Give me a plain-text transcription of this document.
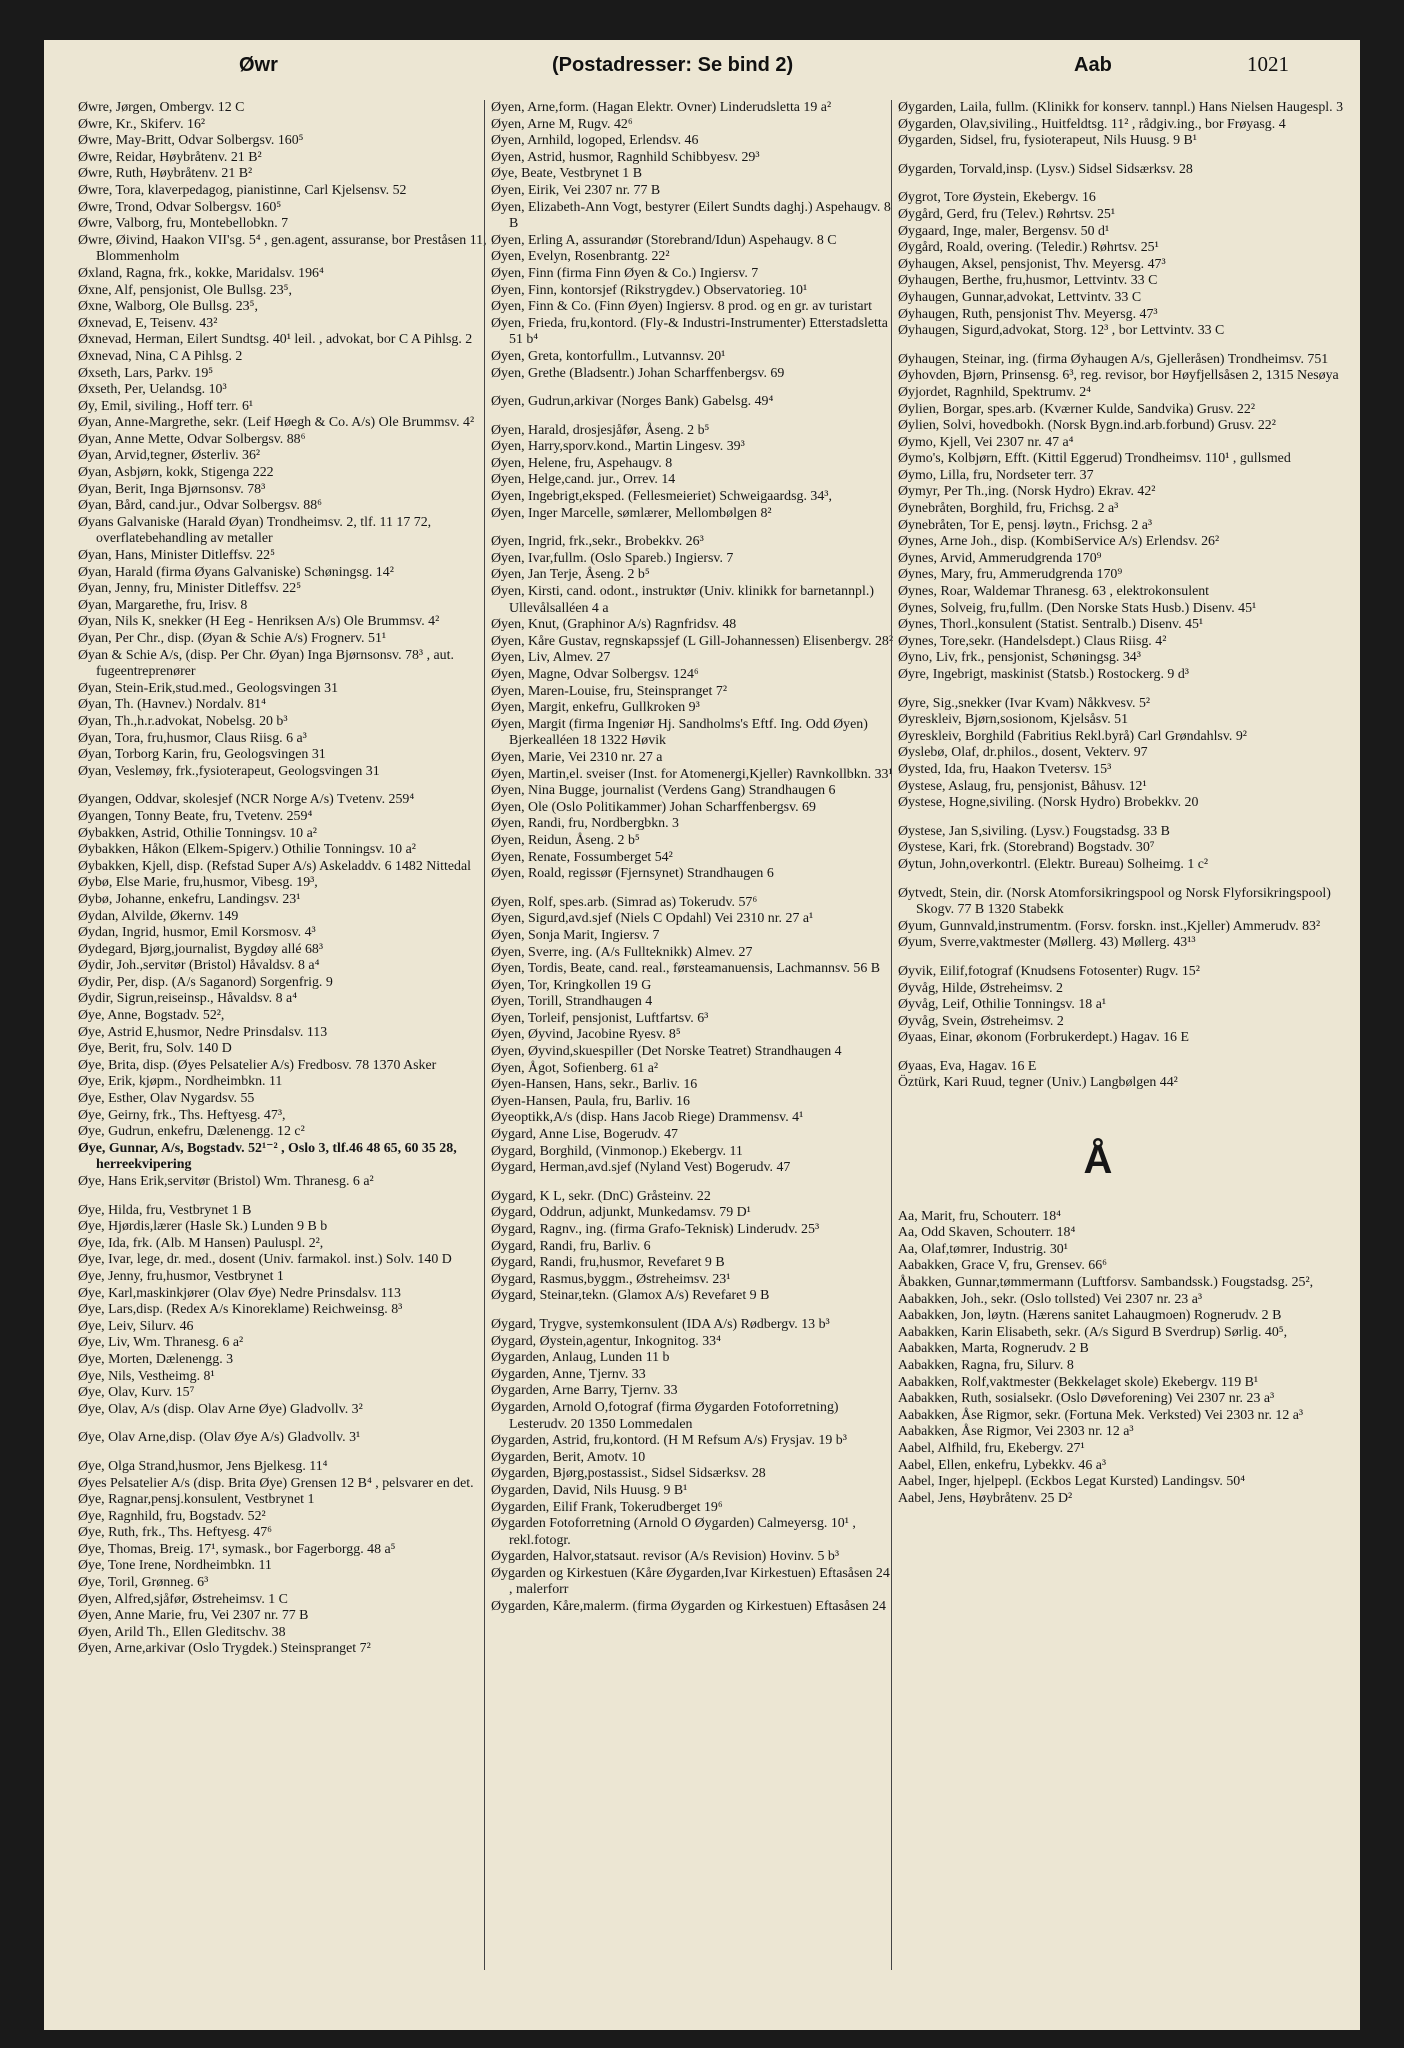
Øwr	(Postadresser: Se bind 2)	Aab	1021
Øwre, Jørgen, Ombergv. 12 C
Øwre, Kr., Skiferv. 16²
Øwre, May-Britt, Odvar Solbergsv. 160⁵
Øwre, Reidar, Høybråtenv. 21 B²
Øwre, Ruth, Høybråtenv. 21 B²
Øwre, Tora, klaverpedagog, pianistinne, Carl Kjelsensv. 52
Øwre, Trond, Odvar Solbergsv. 160⁵
Øwre, Valborg, fru, Montebellobkn. 7
Øwre, Øivind, Haakon VII'sg. 5⁴ , gen.agent, assuranse, bor Preståsen 11, Blommenholm
Øxland, Ragna, frk., kokke, Maridalsv. 196⁴
Øxne, Alf, pensjonist, Ole Bullsg. 23⁵,
Øxne, Walborg, Ole Bullsg. 23⁵,
Øxnevad, E, Teisenv. 43²
Øxnevad, Herman, Eilert Sundtsg. 40¹ leil. , advokat, bor C A Pihlsg. 2
Øxnevad, Nina, C A Pihlsg. 2
Øxseth, Lars, Parkv. 19⁵
Øxseth, Per, Uelandsg. 10³
Øy, Emil, siviling., Hoff terr. 6¹
Øyan, Anne-Margrethe, sekr. (Leif Høegh & Co. A/s) Ole Brummsv. 4²
Øyan, Anne Mette, Odvar Solbergsv. 88⁶
Øyan, Arvid,tegner, Østerliv. 36²
Øyan, Asbjørn, kokk, Stigenga 222
Øyan, Berit, Inga Bjørnsonsv. 78³
Øyan, Bård, cand.jur., Odvar Solbergsv. 88⁶
Øyans Galvaniske (Harald Øyan) Trondheimsv. 2, tlf. 11 17 72, overflatebehandling av metaller
Øyan, Hans, Minister Ditleffsv. 22⁵
Øyan, Harald (firma Øyans Galvaniske) Schøningsg. 14²
Øyan, Jenny, fru, Minister Ditleffsv. 22⁵
Øyan, Margarethe, fru, Irisv. 8
Øyan, Nils K, snekker (H Eeg - Henriksen A/s) Ole Brummsv. 4²
Øyan, Per Chr., disp. (Øyan & Schie A/s) Frognerv. 51¹
Øyan & Schie A/s, (disp. Per Chr. Øyan) Inga Bjørnsonsv. 78³ , aut. fugeentreprenører
Øyan, Stein-Erik,stud.med., Geologsvingen 31
Øyan, Th. (Havnev.) Nordalv. 81⁴
Øyan, Th.,h.r.advokat, Nobelsg. 20 b³
Øyan, Tora, fru,husmor, Claus Riisg. 6 a³
Øyan, Torborg Karin, fru, Geologsvingen 31
Øyan, Veslemøy, frk.,fysioterapeut, Geologsvingen 31
Øyangen, Oddvar, skolesjef (NCR Norge A/s) Tvetenv. 259⁴
Øyangen, Tonny Beate, fru, Tvetenv. 259⁴
Øybakken, Astrid, Othilie Tonningsv. 10 a²
Øybakken, Håkon (Elkem-Spigerv.) Othilie Tonningsv. 10 a²
Øybakken, Kjell, disp. (Refstad Super A/s) Askeladdv. 6 1482 Nittedal
Øybø, Else Marie, fru,husmor, Vibesg. 19³,
Øybø, Johanne, enkefru, Landingsv. 23¹
Øydan, Alvilde, Økernv. 149
Øydan, Ingrid, husmor, Emil Korsmosv. 4³
Øydegard, Bjørg,journalist, Bygdøy allé 68³
Øydir, Joh.,servitør (Bristol) Håvaldsv. 8 a⁴
Øydir, Per, disp. (A/s Saganord) Sorgenfrig. 9
Øydir, Sigrun,reiseinsp., Håvaldsv. 8 a⁴
Øye, Anne, Bogstadv. 52²,
Øye, Astrid E,husmor, Nedre Prinsdalsv. 113
Øye, Berit, fru, Solv. 140 D
Øye, Brita, disp. (Øyes Pelsatelier A/s) Fredbosv. 78 1370 Asker
Øye, Erik, kjøpm., Nordheimbkn. 11
Øye, Esther, Olav Nygardsv. 55
Øye, Geirny, frk., Ths. Heftyesg. 47³,
Øye, Gudrun, enkefru, Dælenengg. 12 c²
Øye, Gunnar, A/s, Bogstadv. 52¹⁻² , Oslo 3, tlf.46 48 65, 60 35 28, herreekvipering
Øye, Hans Erik,servitør (Bristol) Wm. Thranesg. 6 a²
Øye, Hilda, fru, Vestbrynet 1 B
Øye, Hjørdis,lærer (Hasle Sk.) Lunden 9 B b
Øye, Ida, frk. (Alb. M Hansen) Pauluspl. 2²,
Øye, Ivar, lege, dr. med., dosent (Univ. farmakol. inst.) Solv. 140 D
Øye, Jenny, fru,husmor, Vestbrynet 1
Øye, Karl,maskinkjører (Olav Øye) Nedre Prinsdalsv. 113
Øye, Lars,disp. (Redex A/s Kinoreklame) Reichweinsg. 8³
Øye, Leiv, Silurv. 46
Øye, Liv, Wm. Thranesg. 6 a²
Øye, Morten, Dælenengg. 3
Øye, Nils, Vestheimg. 8¹
Øye, Olav, Kurv. 15⁷
Øye, Olav, A/s (disp. Olav Arne Øye) Gladvollv. 3²
Øye, Olav Arne,disp. (Olav Øye A/s) Gladvollv. 3¹
Øye, Olga Strand,husmor, Jens Bjelkesg. 11⁴
Øyes Pelsatelier A/s (disp. Brita Øye) Grensen 12 B⁴ , pelsvarer en det.
Øye, Ragnar,pensj.konsulent, Vestbrynet 1
Øye, Ragnhild, fru, Bogstadv. 52²
Øye, Ruth, frk., Ths. Heftyesg. 47⁶
Øye, Thomas, Breig. 17¹, symask., bor Fagerborgg. 48 a⁵
Øye, Tone Irene, Nordheimbkn. 11
Øye, Toril, Grønneg. 6³
Øyen, Alfred,sjåfør, Østreheimsv. 1 C
Øyen, Anne Marie, fru, Vei 2307 nr. 77 B
Øyen, Arild Th., Ellen Gleditschv. 38
Øyen, Arne,arkivar (Oslo Trygdek.) Steinspranget 7²
Øyen, Arne,form. (Hagan Elektr. Ovner) Linderudsletta 19 a²
Øyen, Arne M, Rugv. 42⁶
Øyen, Arnhild, logoped, Erlendsv. 46
Øyen, Astrid, husmor, Ragnhild Schibbyesv. 29³
Øye, Beate, Vestbrynet 1 B
Øyen, Eirik, Vei 2307 nr. 77 B
Øyen, Elizabeth-Ann Vogt, bestyrer (Eilert Sundts daghj.) Aspehaugv. 8 B
Øyen, Erling A, assurandør (Storebrand/Idun) Aspehaugv. 8 C
Øyen, Evelyn, Rosenbrantg. 22²
Øyen, Finn (firma Finn Øyen & Co.) Ingiersv. 7
Øyen, Finn, kontorsjef (Rikstrygdev.) Observatorieg. 10¹
Øyen, Finn & Co. (Finn Øyen) Ingiersv. 8 prod. og en gr. av turistart
Øyen, Frieda, fru,kontord. (Fly-& Industri-Instrumenter) Etterstadsletta 51 b⁴
Øyen, Greta, kontorfullm., Lutvannsv. 20¹
Øyen, Grethe (Bladsentr.) Johan Scharffenbergsv. 69
Øyen, Gudrun,arkivar (Norges Bank) Gabelsg. 49⁴
Øyen, Harald, drosjesjåfør, Åseng. 2 b⁵
Øyen, Harry,sporv.kond., Martin Lingesv. 39³
Øyen, Helene, fru, Aspehaugv. 8
Øyen, Helge,cand. jur., Orrev. 14
Øyen, Ingebrigt,eksped. (Fellesmeieriet) Schweigaardsg. 34³,
Øyen, Inger Marcelle, sømlærer, Mellombølgen 8²
Øyen, Ingrid, frk.,sekr., Brobekkv. 26³
Øyen, Ivar,fullm. (Oslo Spareb.) Ingiersv. 7
Øyen, Jan Terje, Åseng. 2 b⁵
Øyen, Kirsti, cand. odont., instruktør (Univ. klinikk for barnetannpl.) Ullevålsalléen 4 a
Øyen, Knut, (Graphinor A/s) Ragnfridsv. 48
Øyen, Kåre Gustav, regnskapssjef (L Gill-Johannessen) Elisenbergv. 28²
Øyen, Liv, Almev. 27
Øyen, Magne, Odvar Solbergsv. 124⁶
Øyen, Maren-Louise, fru, Steinspranget 7²
Øyen, Margit, enkefru, Gullkroken 9³
Øyen, Margit (firma Ingeniør Hj. Sandholms's Eftf. Ing. Odd Øyen) Bjerkealléen 18 1322 Høvik
Øyen, Marie, Vei 2310 nr. 27 a
Øyen, Martin,el. sveiser (Inst. for Atomenergi,Kjeller) Ravnkollbkn. 33¹
Øyen, Nina Bugge, journalist (Verdens Gang) Strandhaugen 6
Øyen, Ole (Oslo Politikammer) Johan Scharffenbergsv. 69
Øyen, Randi, fru, Nordbergbkn. 3
Øyen, Reidun, Åseng. 2 b⁵
Øyen, Renate, Fossumberget 54²
Øyen, Roald, regissør (Fjernsynet) Strandhaugen 6
Øyen, Rolf, spes.arb. (Simrad as) Tokerudv. 57⁶
Øyen, Sigurd,avd.sjef (Niels C Opdahl) Vei 2310 nr. 27 a¹
Øyen, Sonja Marit, Ingiersv. 7
Øyen, Sverre, ing. (A/s Fullteknikk) Almev. 27
Øyen, Tordis, Beate, cand. real., førsteamanuensis, Lachmannsv. 56 B
Øyen, Tor, Kringkollen 19 G
Øyen, Torill, Strandhaugen 4
Øyen, Torleif, pensjonist, Luftfartsv. 6³
Øyen, Øyvind, Jacobine Ryesv. 8⁵
Øyen, Øyvind,skuespiller (Det Norske Teatret) Strandhaugen 4
Øyen, Ågot, Sofienberg. 61 a²
Øyen-Hansen, Hans, sekr., Barliv. 16
Øyen-Hansen, Paula, fru, Barliv. 16
Øyeoptikk,A/s (disp. Hans Jacob Riege) Drammensv. 4¹
Øygard, Anne Lise, Bogerudv. 47
Øygard, Borghild, (Vinmonop.) Ekebergv. 11
Øygard, Herman,avd.sjef (Nyland Vest) Bogerudv. 47
Øygard, K L, sekr. (DnC) Gråsteinv. 22
Øygard, Oddrun, adjunkt, Munkedamsv. 79 D¹
Øygard, Ragnv., ing. (firma Grafo-Teknisk) Linderudv. 25³
Øygard, Randi, fru, Barliv. 6
Øygard, Randi, fru,husmor, Revefaret 9 B
Øygard, Rasmus,byggm., Østreheimsv. 23¹
Øygard, Steinar,tekn. (Glamox A/s) Revefaret 9 B
Øygard, Trygve, systemkonsulent (IDA A/s) Rødbergv. 13 b³
Øygard, Øystein,agentur, Inkognitog. 33⁴
Øygarden, Anlaug, Lunden 11 b
Øygarden, Anne, Tjernv. 33
Øygarden, Arne Barry, Tjernv. 33
Øygarden, Arnold O,fotograf (firma Øygarden Fotoforretning) Lesterudv. 20 1350 Lommedalen
Øygarden, Astrid, fru,kontord. (H M Refsum A/s) Frysjav. 19 b³
Øygarden, Berit, Amotv. 10
Øygarden, Bjørg,postassist., Sidsel Sidsærksv. 28
Øygarden, David, Nils Huusg. 9 B¹
Øygarden, Eilif Frank, Tokerudberget 19⁶
Øygarden Fotoforretning (Arnold O Øygarden) Calmeyersg. 10¹ , rekl.fotogr.
Øygarden, Halvor,statsaut. revisor (A/s Revision) Hovinv. 5 b³
Øygarden og Kirkestuen (Kåre Øygarden,Ivar Kirkestuen) Eftasåsen 24 , malerforr
Øygarden, Kåre,malerm. (firma Øygarden og Kirkestuen) Eftasåsen 24
Øygarden, Laila, fullm. (Klinikk for konserv. tannpl.) Hans Nielsen Haugespl. 3
Øygarden, Olav,siviling., Huitfeldtsg. 11² , rådgiv.ing., bor Frøyasg. 4
Øygarden, Sidsel, fru, fysioterapeut, Nils Huusg. 9 B¹
Øygarden, Torvald,insp. (Lysv.) Sidsel Sidsærksv. 28
Øygrot, Tore Øystein, Ekebergv. 16
Øygård, Gerd, fru (Telev.) Røhrtsv. 25¹
Øygaard, Inge, maler, Bergensv. 50 d¹
Øygård, Roald, overing. (Teledir.) Røhrtsv. 25¹
Øyhaugen, Aksel, pensjonist, Thv. Meyersg. 47³
Øyhaugen, Berthe, fru,husmor, Lettvintv. 33 C
Øyhaugen, Gunnar,advokat, Lettvintv. 33 C
Øyhaugen, Ruth, pensjonist Thv. Meyersg. 47³
Øyhaugen, Sigurd,advokat, Storg. 12³ , bor Lettvintv. 33 C
Øyhaugen, Steinar, ing. (firma Øyhaugen A/s, Gjelleråsen) Trondheimsv. 751
Øyhovden, Bjørn, Prinsensg. 6³, reg. revisor, bor Høyfjellsåsen 2, 1315 Nesøya
Øyjordet, Ragnhild, Spektrumv. 2⁴
Øylien, Borgar, spes.arb. (Kværner Kulde, Sandvika) Grusv. 22²
Øylien, Solvi, hovedbokh. (Norsk Bygn.ind.arb.forbund) Grusv. 22²
Øymo, Kjell, Vei 2307 nr. 47 a⁴
Øymo's, Kolbjørn, Efft. (Kittil Eggerud) Trondheimsv. 110¹ , gullsmed
Øymo, Lilla, fru, Nordseter terr. 37
Øymyr, Per Th.,ing. (Norsk Hydro) Ekrav. 42²
Øynebråten, Borghild, fru, Frichsg. 2 a³
Øynebråten, Tor E, pensj. løytn., Frichsg. 2 a³
Øynes, Arne Joh., disp. (KombiService A/s) Erlendsv. 26²
Øynes, Arvid, Ammerudgrenda 170⁹
Øynes, Mary, fru, Ammerudgrenda 170⁹
Øynes, Roar, Waldemar Thranesg. 63 , elektrokonsulent
Øynes, Solveig, fru,fullm. (Den Norske Stats Husb.) Disenv. 45¹
Øynes, Thorl.,konsulent (Statist. Sentralb.) Disenv. 45¹
Øynes, Tore,sekr. (Handelsdept.) Claus Riisg. 4²
Øyno, Liv, frk., pensjonist, Schøningsg. 34³
Øyre, Ingebrigt, maskinist (Statsb.) Rostockerg. 9 d³
Øyre, Sig.,snekker (Ivar Kvam) Nåkkvesv. 5²
Øyreskleiv, Bjørn,sosionom, Kjelsåsv. 51
Øyreskleiv, Borghild (Fabritius Rekl.byrå) Carl Grøndahlsv. 9²
Øyslebø, Olaf, dr.philos., dosent, Vekterv. 97
Øysted, Ida, fru, Haakon Tvetersv. 15³
Øystese, Aslaug, fru, pensjonist, Båhusv. 12¹
Øystese, Hogne,siviling. (Norsk Hydro) Brobekkv. 20
Øystese, Jan S,siviling. (Lysv.) Fougstadsg. 33 B
Øystese, Kari, frk. (Storebrand) Bogstadv. 30⁷
Øytun, John,overkontrl. (Elektr. Bureau) Solheimg. 1 c²
Øytvedt, Stein, dir. (Norsk Atomforsikringspool og Norsk Flyforsikringspool) Skogv. 77 B 1320 Stabekk
Øyum, Gunnvald,instrumentm. (Forsv. forskn. inst.,Kjeller) Ammerudv. 83²
Øyum, Sverre,vaktmester (Møllerg. 43) Møllerg. 43¹³
Øyvik, Eilif,fotograf (Knudsens Fotosenter) Rugv. 15²
Øyvåg, Hilde, Østreheimsv. 2
Øyvåg, Leif, Othilie Tonningsv. 18 a¹
Øyvåg, Svein, Østreheimsv. 2
Øyaas, Einar, økonom (Forbrukerdept.) Hagav. 16 E
Øyaas, Eva, Hagav. 16 E
Öztürk, Kari Ruud, tegner (Univ.) Langbølgen 44²
Å
Aa, Marit, fru, Schouterr. 18⁴
Aa, Odd Skaven, Schouterr. 18⁴
Aa, Olaf,tømrer, Industrig. 30¹
Aabakken, Grace V, fru, Grensev. 66⁶
Åbakken, Gunnar,tømmermann (Luftforsv. Sambandssk.) Fougstadsg. 25²,
Aabakken, Joh., sekr. (Oslo tollsted) Vei 2307 nr. 23 a³
Aabakken, Jon, løytn. (Hærens sanitet Lahaugmoen) Rognerudv. 2 B
Aabakken, Karin Elisabeth, sekr. (A/s Sigurd B Sverdrup) Sørlig. 40⁵,
Aabakken, Marta, Rognerudv. 2 B
Aabakken, Ragna, fru, Silurv. 8
Aabakken, Rolf,vaktmester (Bekkelaget skole) Ekebergv. 119 B¹
Aabakken, Ruth, sosialsekr. (Oslo Døveforening) Vei 2307 nr. 23 a³
Aabakken, Åse Rigmor, sekr. (Fortuna Mek. Verksted) Vei 2303 nr. 12 a³
Aabakken, Åse Rigmor, Vei 2303 nr. 12 a³
Aabel, Alfhild, fru, Ekebergv. 27¹
Aabel, Ellen, enkefru, Lybekkv. 46 a³
Aabel, Inger, hjelpepl. (Eckbos Legat Kursted) Landingsv. 50⁴
Aabel, Jens, Høybråtenv. 25 D²
